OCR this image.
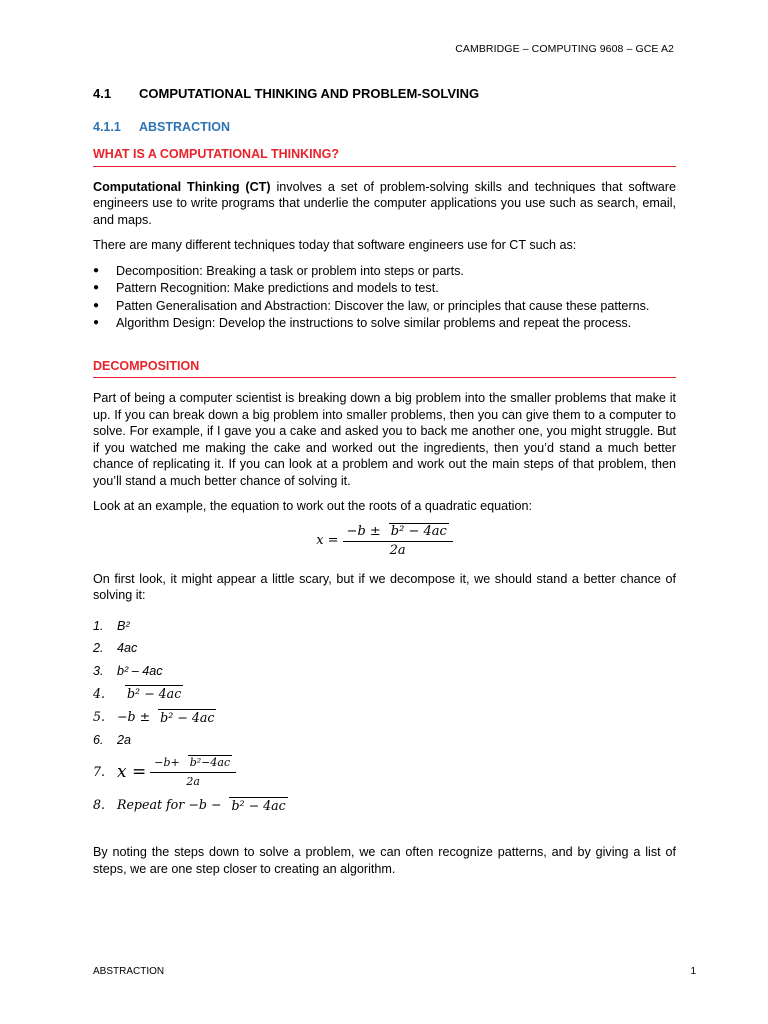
CAMBRIDGE – COMPUTING 9608 – GCE A2
4.1	COMPUTATIONAL THINKING AND PROBLEM-SOLVING
4.1.1	ABSTRACTION
WHAT IS A COMPUTATIONAL THINKING?

Computational Thinking (CT) involves a set of problem-solving skills and techniques that software engineers use to write programs that underlie the computer applications you use such as search, email, and maps.

There are many different techniques today that software engineers use for CT such as:

●	Decomposition: Breaking a task or problem into steps or parts.
●	Pattern Recognition: Make predictions and models to test.
●	Patten Generalisation and Abstraction: Discover the law, or principles that cause these patterns.
●	Algorithm Design: Develop the instructions to solve similar problems and repeat the process.
DECOMPOSITION

Part of being a computer scientist is breaking down a big problem into the smaller problems that make it up. If you can break down a big problem into smaller problems, then you can give them to a computer to solve. For example, if I gave you a cake and asked you to back me another one, you might struggle. But if you watched me making the cake and worked out the ingredients, then you’d stand a much better chance of replicating it. If you can look at a problem and work out the main steps of that problem, then you’ll stand a much better chance of solving it.

Look at an example, the equation to work out the roots of a quadratic equation:

$x = \frac{\text{−b ± b² − 4ac}}{2a}$

On first look, it might appear a little scary, but if we decompose it, we should stand a better chance of solving it:

1.	B²
2.	4ac
3.	b² – 4ac
4.	b² − 4ac
5. −b ± b² − 4ac
6.	2a
7. $x = \frac{\text{−b+ b²−4ac}}{2a}$
8. Repeat for −b − b² − 4ac

By noting the steps down to solve a problem, we can often recognize patterns, and by giving a list of steps, we are one step closer to creating an algorithm.

ABSTRACTION	1
